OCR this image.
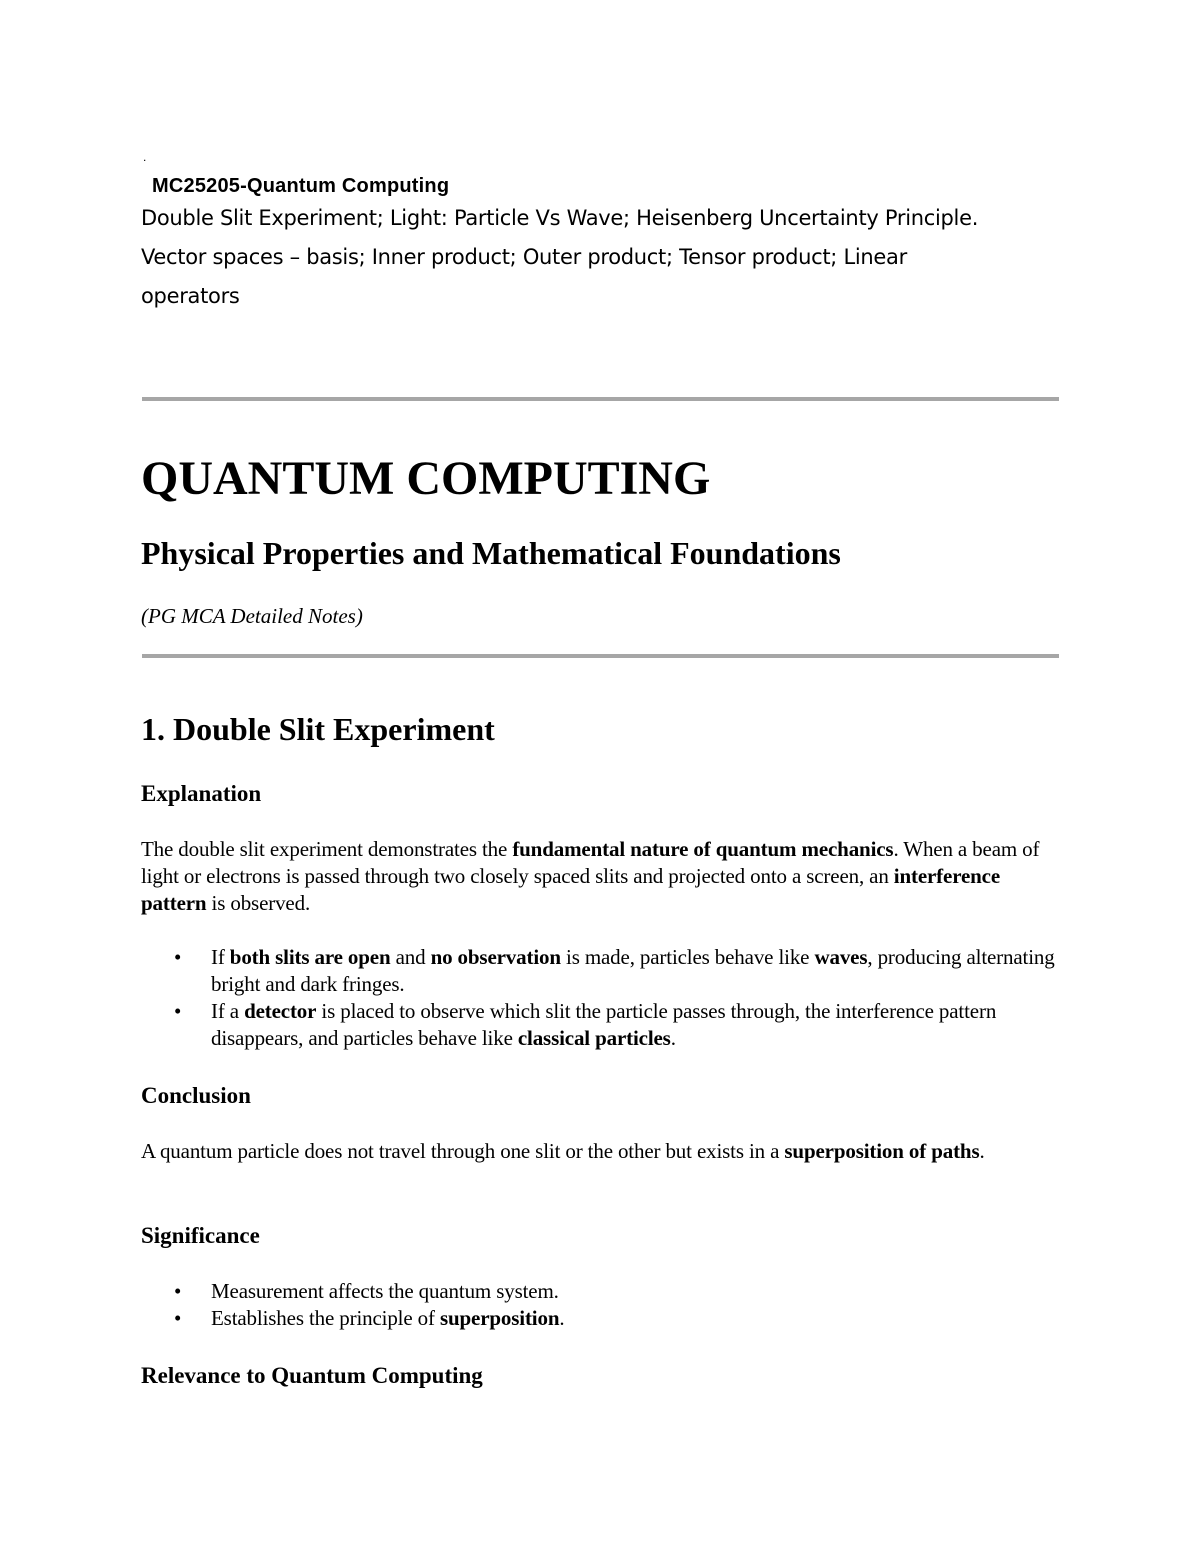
.
MC25205-Quantum Computing
Double Slit Experiment; Light: Particle Vs Wave; Heisenberg Uncertainty Principle.
Vector spaces – basis; Inner product; Outer product; Tensor product; Linear
operators
QUANTUM COMPUTING
Physical Properties and Mathematical Foundations
(PG MCA Detailed Notes)
1. Double Slit Experiment
Explanation

The double slit experiment demonstrates the fundamental nature of quantum mechanics. When a beam of light or electrons is passed through two closely spaced slits and projected onto a screen, an interference pattern is observed.

• If both slits are open and no observation is made, particles behave like waves, producing alternating bright and dark fringes.
• If a detector is placed to observe which slit the particle passes through, the interference pattern disappears, and particles behave like classical particles.
Conclusion

A quantum particle does not travel through one slit or the other but exists in a superposition of paths.

Significance
• Measurement affects the quantum system.
• Establishes the principle of superposition.
Relevance to Quantum Computing
